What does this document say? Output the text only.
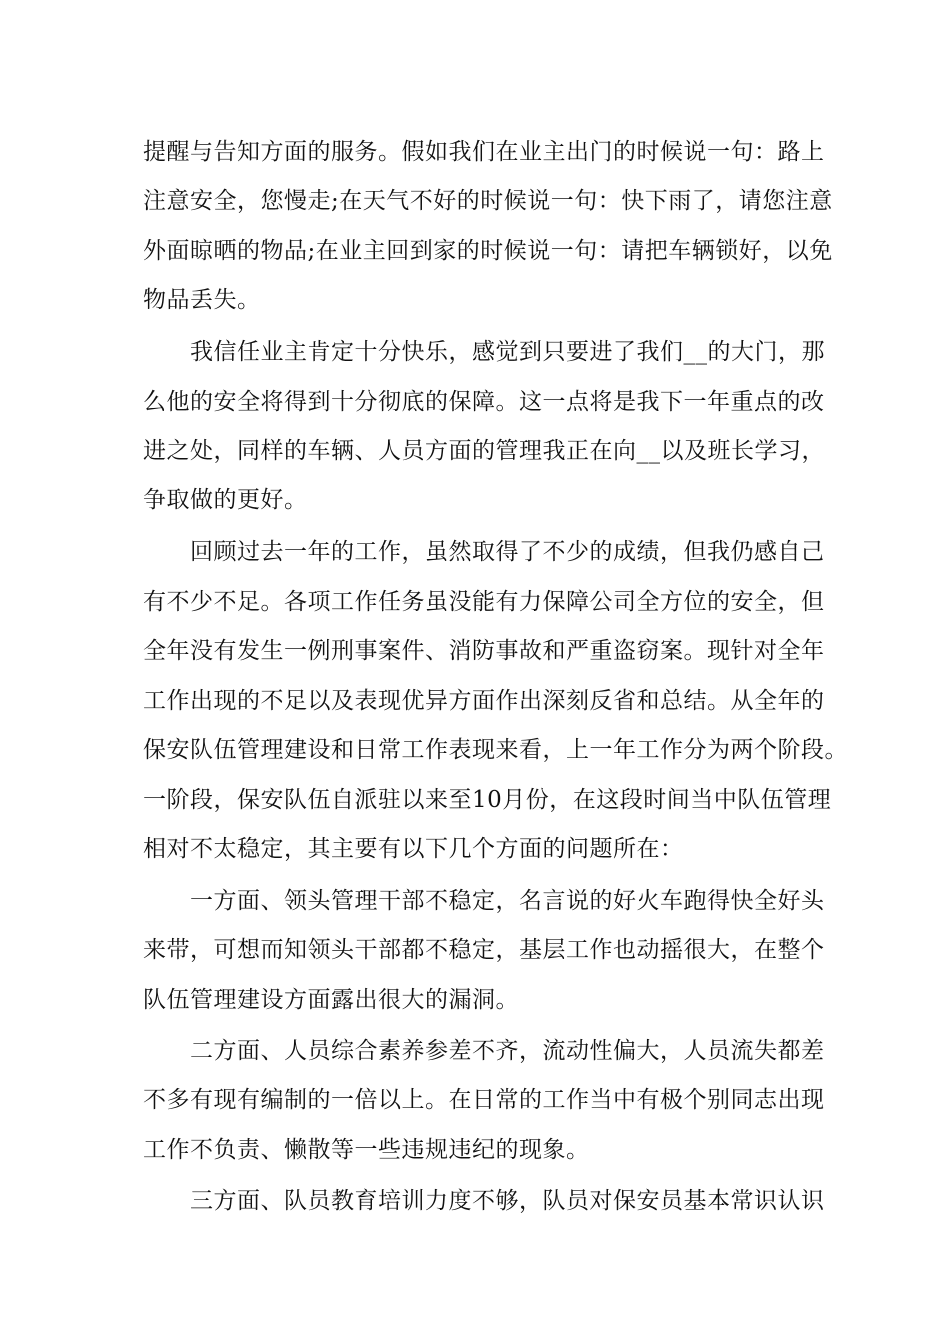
提醒与告知方面的服务。假如我们在业主出门的时候说一句：路上
注意安全，您慢走;在天气不好的时候说一句：快下雨了，请您注意
外面晾晒的物品;在业主回到家的时候说一句：请把车辆锁好，以免
物品丢失。
我信任业主肯定十分快乐，感觉到只要进了我们__的大门，那
么他的安全将得到十分彻底的保障。这一点将是我下一年重点的改
进之处，同样的车辆、人员方面的管理我正在向__以及班长学习，
争取做的更好。
回顾过去一年的工作，虽然取得了不少的成绩，但我仍感自己
有不少不足。各项工作任务虽没能有力保障公司全方位的安全，但
全年没有发生一例刑事案件、消防事故和严重盗窃案。现针对全年
工作出现的不足以及表现优异方面作出深刻反省和总结。从全年的
保安队伍管理建设和日常工作表现来看，上一年工作分为两个阶段。
一阶段，保安队伍自派驻以来至10月份，在这段时间当中队伍管理
相对不太稳定，其主要有以下几个方面的问题所在：
一方面、领头管理干部不稳定，名言说的好火车跑得快全好头
来带，可想而知领头干部都不稳定，基层工作也动摇很大，在整个
队伍管理建设方面露出很大的漏洞。
二方面、人员综合素养参差不齐，流动性偏大，人员流失都差
不多有现有编制的一倍以上。在日常的工作当中有极个别同志出现
工作不负责、懒散等一些违规违纪的现象。
三方面、队员教育培训力度不够，队员对保安员基本常识认识
